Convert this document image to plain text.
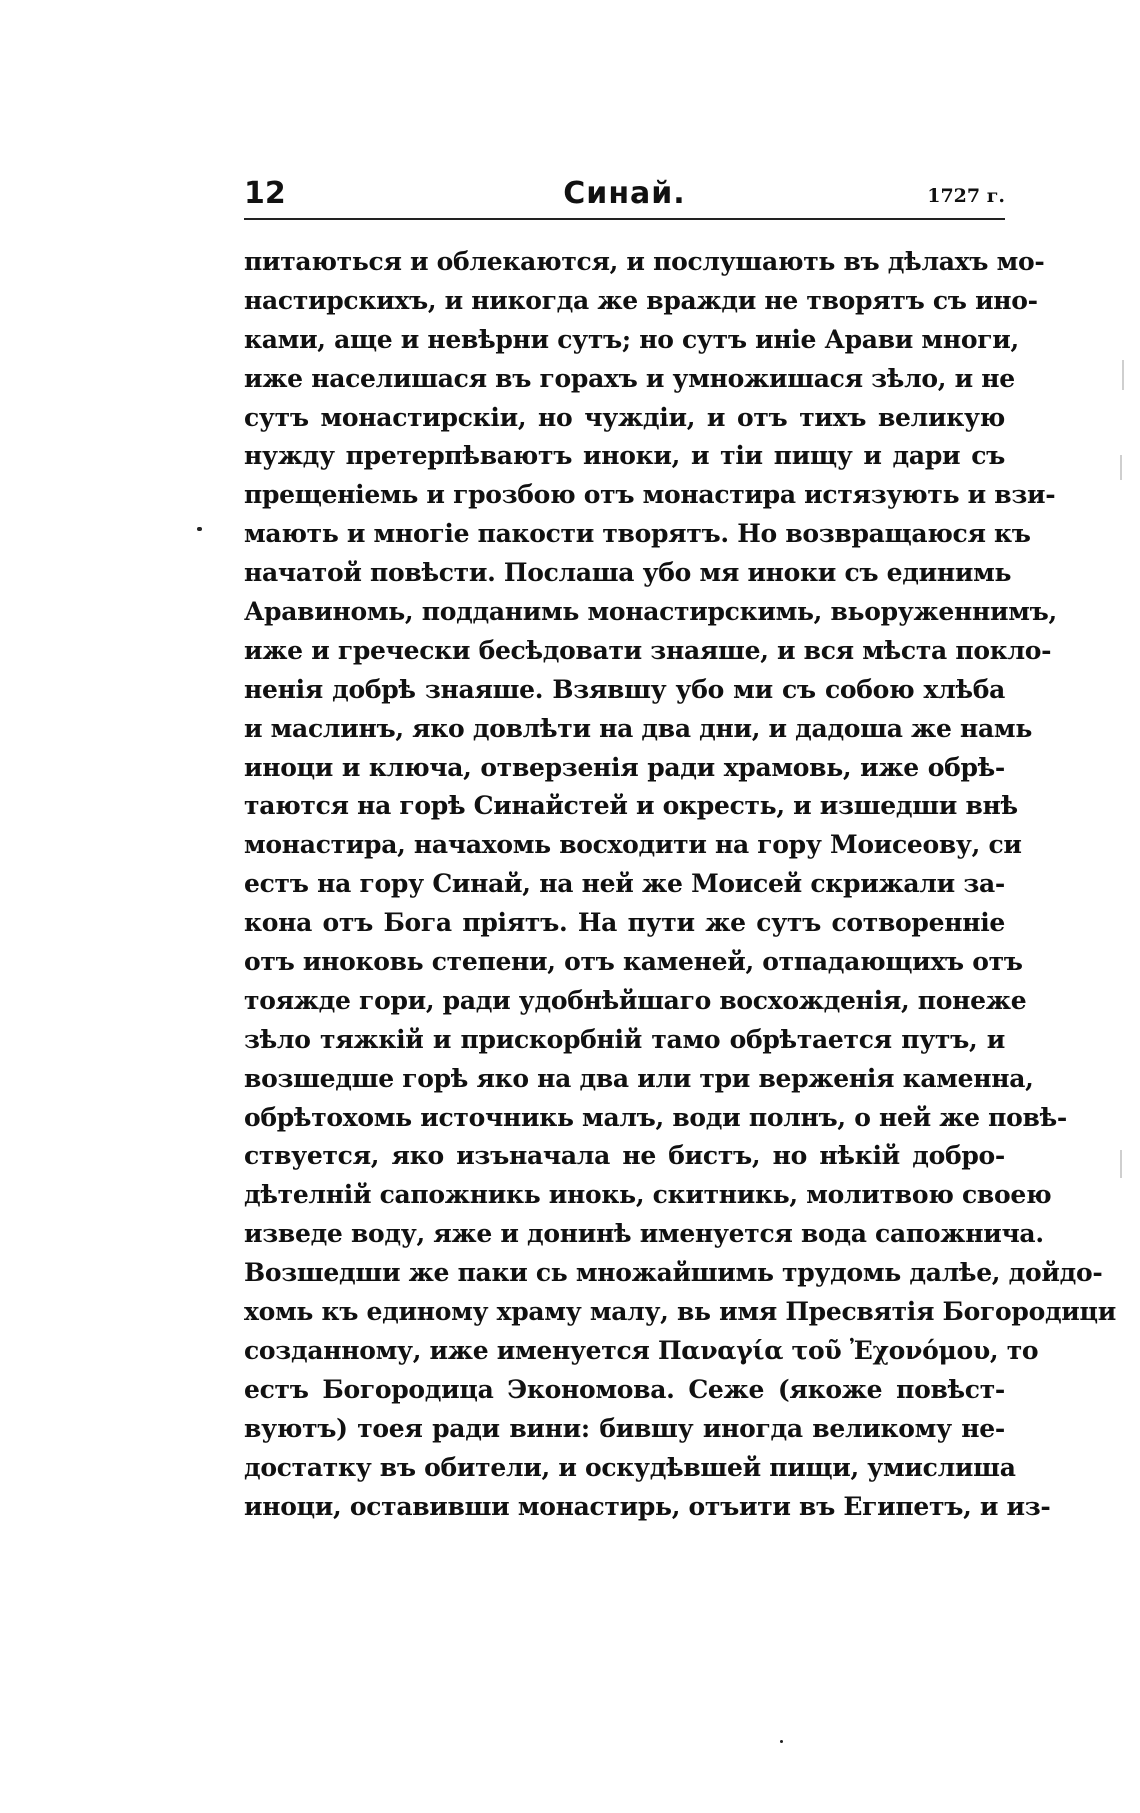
12	Синай.	1727 г.
питаються и облекаются, и послушають въ дѣлахъ мо-
настирскихъ, и никогда же вражди не творятъ съ ино-
ками, аще и невѣрни сутъ; но сутъ иніе Арави многи,
иже населишася въ горахъ и умножишася зѣло, и не
сутъ монастирскіи, но чуждіи, и отъ тихъ великую
нужду претерпѣваютъ иноки, и тіи пищу и дари съ
прещеніемь и грозбою отъ монастира истязують и взи-
мають и многіе пакости творятъ. Но возвращаюся къ
начатой повѣсти. Послаша убо мя иноки съ единимь
Аравиномь, подданимь монастирскимь, вьоруженнимъ,
иже и гречески бесѣдовати знаяше, и вся мѣста покло-
ненія добрѣ знаяше. Взявшу убо ми съ собою хлѣба
и маслинъ, яко довлѣти на два дни, и дадоша же намь
иноци и ключа, отверзенія ради храмовь, иже обрѣ-
таются на горѣ Синайстей и окресть, и изшедши внѣ
монастира, начахомь восходити на гору Моисеову, си
естъ на гору Синай, на ней же Моисей скрижали за-
кона отъ Бога пріятъ. На пути же сутъ сотворенніе
отъ иноковь степени, отъ каменей, отпадающихъ отъ
тояжде гори, ради удобнѣйшаго восхожденія, понеже
зѣло тяжкій и прискорбній тамо обрѣтается путъ, и
возшедше горѣ яко на два или три верженія каменна,
обрѣтохомь источникь малъ, води полнъ, о ней же повѣ-
ствуется, яко изъначала не бистъ, но нѣкій добро-
дѣтелній сапожникь инокь, скитникь, молитвою своею
изведе воду, яже и донинѣ именуется вода сапожнича.
Возшедши же паки сь множайшимь трудомь далѣе, дойдо-
хомь къ единому храму малу, вь имя Пресвятія Богородици
созданному, иже именуется Παναγία τοῦ Ἐχονόμου, то
естъ Богородица Экономова. Сеже (якоже повѣст-
вуютъ) тоея ради вини: бившу иногда великому не-
достатку въ обители, и оскудѣвшей пищи, умислиша
иноци, оставивши монастирь, отъити въ Египетъ, и из-
